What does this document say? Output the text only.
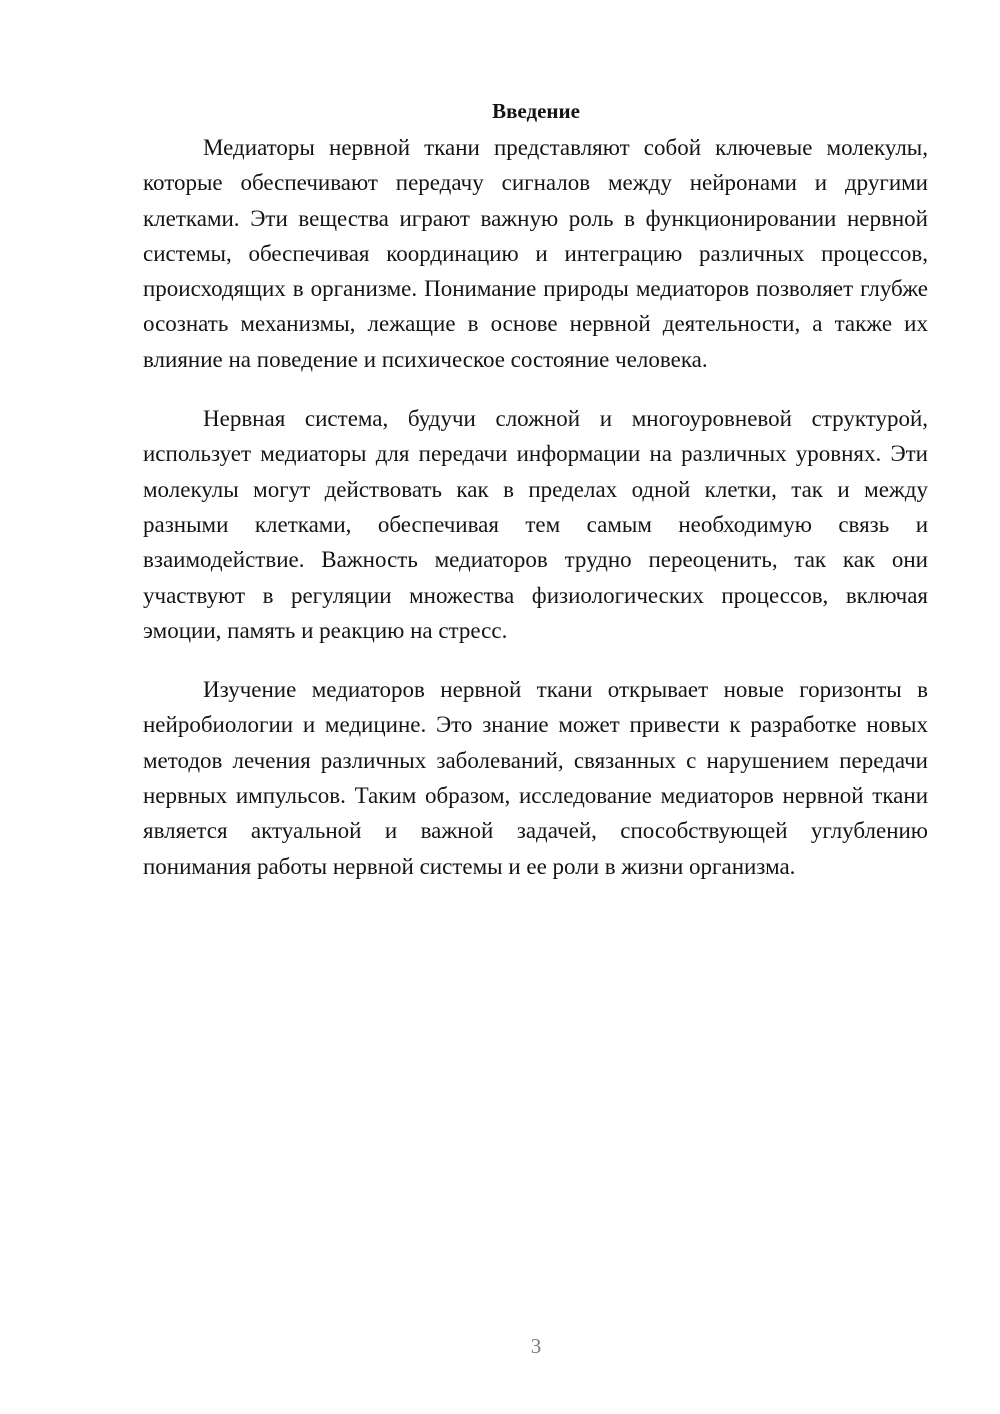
Введение

Медиаторы нервной ткани представляют собой ключевые молекулы, которые обеспечивают передачу сигналов между нейронами и другими клетками. Эти вещества играют важную роль в функционировании нервной системы, обеспечивая координацию и интеграцию различных процессов, происходящих в организме. Понимание природы медиаторов позволяет глубже осознать механизмы, лежащие в основе нервной деятельности, а также их влияние на поведение и психическое состояние человека.

Нервная система, будучи сложной и многоуровневой структурой, использует медиаторы для передачи информации на различных уровнях. Эти молекулы могут действовать как в пределах одной клетки, так и между разными клетками, обеспечивая тем самым необходимую связь и взаимодействие. Важность медиаторов трудно переоценить, так как они участвуют в регуляции множества физиологических процессов, включая эмоции, память и реакцию на стресс.

Изучение медиаторов нервной ткани открывает новые горизонты в нейробиологии и медицине. Это знание может привести к разработке новых методов лечения различных заболеваний, связанных с нарушением передачи нервных импульсов. Таким образом, исследование медиаторов нервной ткани является актуальной и важной задачей, способствующей углублению понимания работы нервной системы и ее роли в жизни организма.

3
